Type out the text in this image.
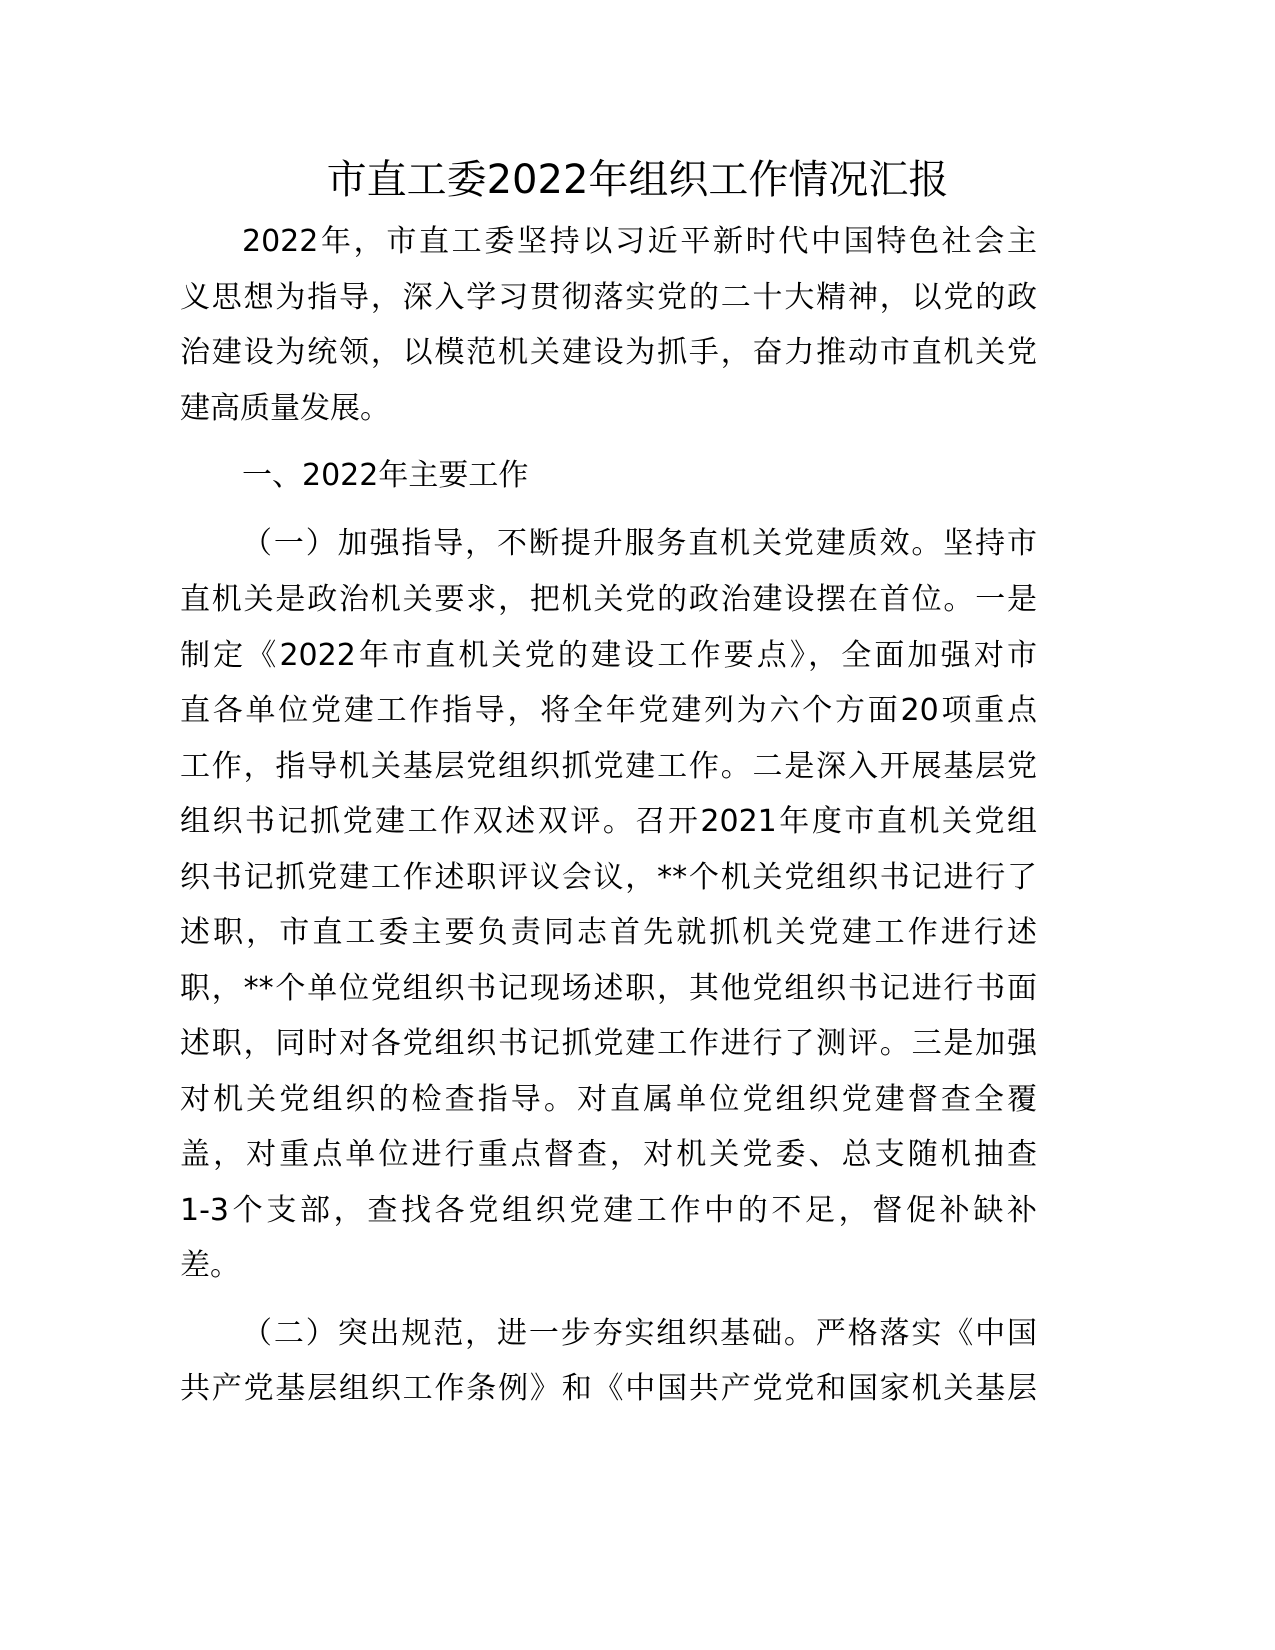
市直工委2022年组织工作情况汇报

2022年，市直工委坚持以习近平新时代中国特色社会主

义思想为指导，深入学习贯彻落实党的二十大精神，以党的政

治建设为统领，以模范机关建设为抓手，奋力推动市直机关党

建高质量发展。

一、2022年主要工作

（一）加强指导，不断提升服务直机关党建质效。坚持市

直机关是政治机关要求，把机关党的政治建设摆在首位。一是

制定《2022年市直机关党的建设工作要点》，全面加强对市

直各单位党建工作指导，将全年党建列为六个方面20项重点

工作，指导机关基层党组织抓党建工作。二是深入开展基层党

组织书记抓党建工作双述双评。召开2021年度市直机关党组

织书记抓党建工作述职评议会议，**个机关党组织书记进行了

述职，市直工委主要负责同志首先就抓机关党建工作进行述

职，**个单位党组织书记现场述职，其他党组织书记进行书面

述职，同时对各党组织书记抓党建工作进行了测评。三是加强

对机关党组织的检查指导。对直属单位党组织党建督查全覆

盖，对重点单位进行重点督查，对机关党委、总支随机抽查

1-3个支部，查找各党组织党建工作中的不足，督促补缺补

差。

（二）突出规范，进一步夯实组织基础。严格落实《中国

共产党基层组织工作条例》和《中国共产党党和国家机关基层
